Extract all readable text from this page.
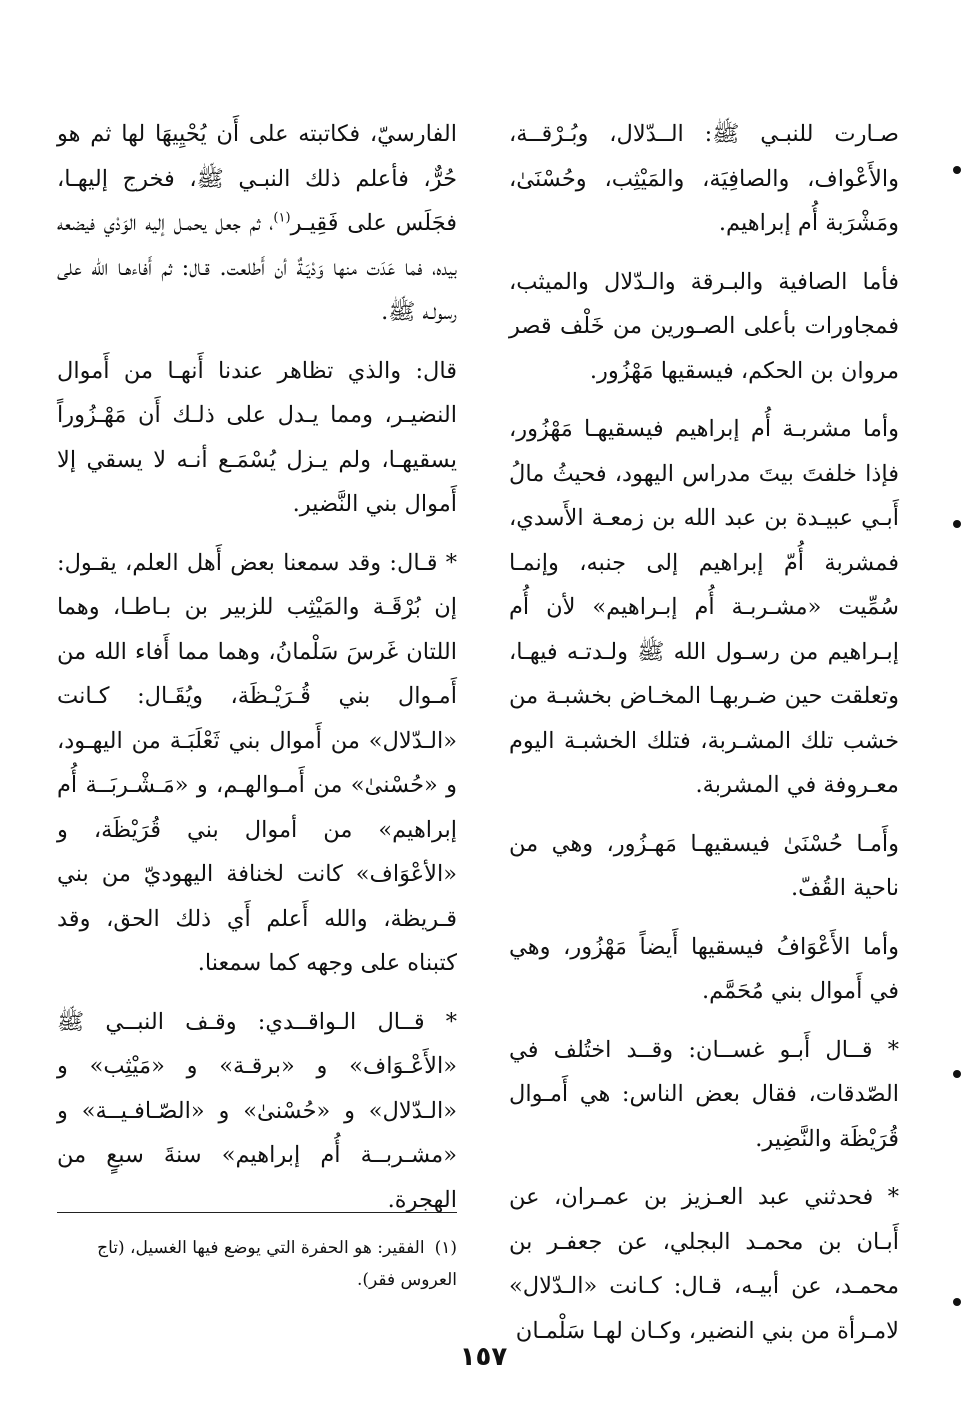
صـارت للنبـي ﷺ: الــدّلال، وبُـرْقــة، والأَعْواف، والصافِيَة، والمَيْثِب، وحُسْنَىٰ، ومَشْرَبة أُم إبراهيم.

فأما الصافية والبـرقة والـدّلال والميثب، فمجاورات بأعلى الصـورين من خَلْف قصر مروان بن الحكم، فيسقيها مَهْزُور.

وأما مشربـة أُم إبراهيم فيسقيهـا مَهْزُور، فإذا خلفتَ بيتَ مدراس اليهود، فحيثُ مالُ أَبـي عبيـدة بن عبد الله بن زمعـة الأَسدي، فمشربة أُمّ إبراهيم إلى جنبه، وإنمـا سُمِّيت «مشـربـة أُم إبـراهيم» لأن أُم إبـراهيم من رسـول الله ﷺ ولـدتـه فيهـا، وتعلقت حين ضـربهـا المخـاض بخشبـة من خشب تلك المشـربة، فتلك الخشبـة اليوم معـروفة في المشربة.

وأَمـا حُسْنَىٰ فيسقيهـا مَهـزُور، وهي من ناحية القُفّ.

وأما الأَعْوَافُ فيسقيها أَيضاً مَهْزُور، وهي في أَموال بني مُحَمَّم.

* قــال أَبـو غســان: وقــد اختُلف في الصّدقات، فقال بعض الناس: هي أَمـوال قُرَيْظَة والنَّضِير.

* فحدثني عبد العـزيز بن عمـران، عن أَبـان بن محمـد البجلي، عن جعفـر بن محمـد، عن أبيـه، قـال: كـانت «الـدّلال» لامـرأة من بني النضير، وكـان لهـا سَلْمـان

الفارسيّ، فكاتبته على أَن يُحْيِيهَا لها ثم هو حُرٌّ، فأعلم ذلك النبـي ﷺ، فخرج إليهـا، فجَلَس على فَقِيـر$^{(١)}$، ثم جعل يحمـل إليه الوَدْي فيضعه بيده، فما عَدَت منها وَدْيَـةٌ أن أَطلعت. قـال: ثم أَفاءهـا الله على رسولـه ﷺ.

قال: والذي تظاهر عندنا أَنهـا من أَموال النضيـر، ومما يـدل على ذلـك أَن مَهْـزُوراً يسقيهـا، ولم يـزل يُسْمَـع أنـه لا يسقي إلا أَموال بني النَّضير.

* قـال: وقد سمعنا بعض أَهل العلم، يقـول: إن بُرْقَـة والمَيْثِب للزبير بن بـاطـا، وهما اللتان غَرسَ سَلْمانُ، وهما مما أَفاء الله من أَمـوال بني قُـرَيْـظَة، ويُقَـال: كـانت «الـدّلال» من أَموال بني ثَعْلَبَـة من اليهـود، و «حُسْنىٰ» من أَمـوالهـم، و «مَـشْـربَــة أُم إبراهيم» من أموال بني قُرَيْظَة، و «الأعْوَاف» كانت لخنافة اليهوديّ من بني قـريظة، والله أَعلم أَي ذلك الحق، وقد كتبناه على وجهه كما سمعنا.

* قــال الـواقــدي: وقـف النبــي ﷺ «الأَعْـوَاف» و «برقـة» و «مَيْثِب» و «الـدّلال» و «حُسْنىٰ» و «الصّـافـيــة» و «مشـربــة أُم إبراهيم» سنةَ سبعٍ من الهجرة.

(١)الفقير: هو الحفرة التي يوضع فيها الغسيل، (تاج العروس فقر).
١٥٧
